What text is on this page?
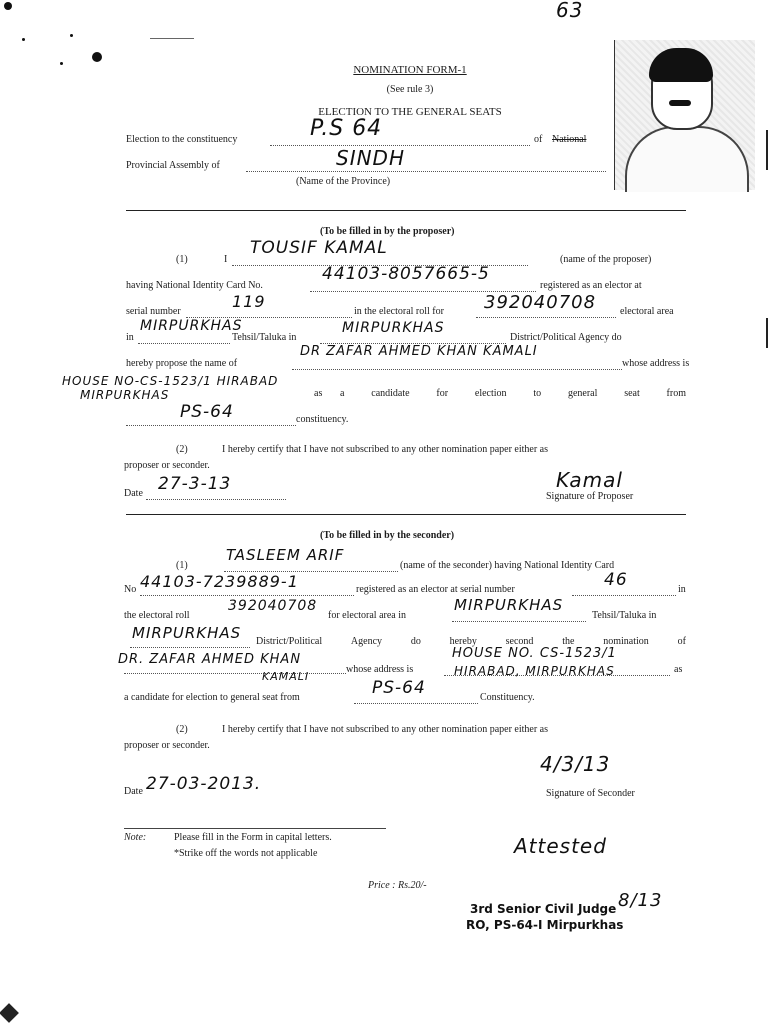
63
NOMINATION FORM-1
(See rule 3)
ELECTION TO THE GENERAL SEATS
Election to the constituency	P.S 64	of National
Provincial Assembly of	SINDH
(Name of the Province)
(To be filled in by the proposer)
(1)	I
TOUSIF KAMAL
(name of the proposer)
having National Identity Card No.
44103-8057665-5
registered as an elector at
serial number
119
in the electoral roll for 392040708 electoral area
in
MIRPURKHAS
Tehsil/Taluka in
MIRPURKHAS
District/Political Agency do
hereby propose the name of
DR ZAFAR AHMED KHAN KAMALI
whose address is
HOUSE NO-CS-1523/1 HIRABAD
MIRPURKHAS	as a	candidate	for	election	to	general	seat	from
PS-64	constituency.
(2)	I hereby certify that I have not subscribed to any other nomination paper either as
proposer or seconder.
Date 27-3-13	Kamal
Signature of Proposer
(To be filled in by the seconder)
(1)
TASLEEM ARIF
(name of the seconder) having National Identity Card
No 44103-7239889-1	registered as an elector at serial number	46	in
the electoral roll
392040708
for electoral area in
MIRPURKHAS
Tehsil/Taluka in
MIRPURKHAS District/Political	Agency	do	hereby	second	the	nomination	of
DR. ZAFAR AHMED KHAN
KAMALI
whose address is
HOUSE NO. CS-1523/1
HIRABAD, MIRPURKHAS	as
a candidate for election to general seat from	PS-64	Constituency.
(2)	I hereby certify that I have not subscribed to any other nomination paper either as
proposer or seconder.
Date 27-03-2013.
4/3/13
Signature of Seconder
Note:	Please fill in the Form in capital letters.
*Strike off the words not applicable	Attested
Price : Rs.20/-
3rd Senior Civil Judge
RO, PS-64-I Mirpurkhas
8/13
